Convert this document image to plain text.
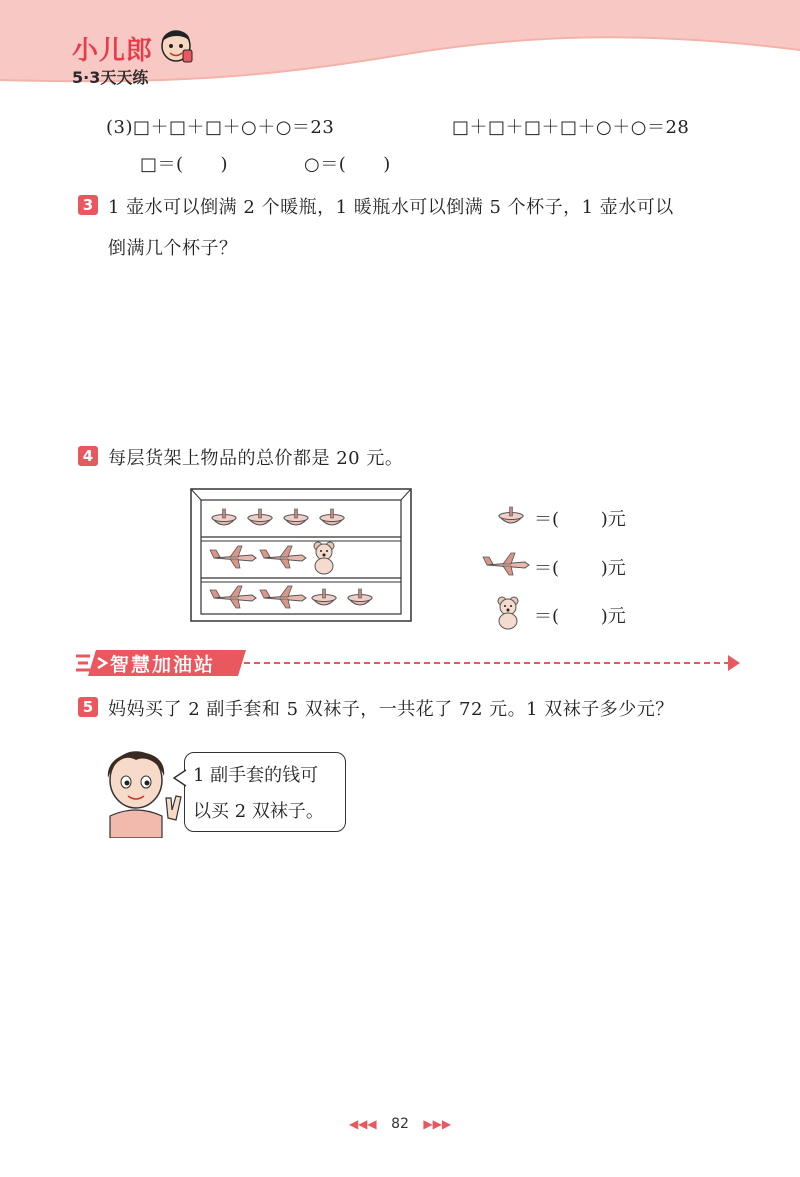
小儿郎
5·3天天练
(3)□＋□＋□＋○＋○＝23	□＋□＋□＋□＋○＋○＝28
□＝(　　)	○＝(　　)
3 1 壶水可以倒满 2 个暖瓶，1 暖瓶水可以倒满 5 个杯子，1 壶水可以
倒满几个杯子？
4 每层货架上物品的总价都是 20 元。
＝(　　 )元
＝(　　 )元
＝(　　 )元
智慧加油站
5 妈妈买了 2 副手套和 5 双袜子，一共花了 72 元。1 双袜子多少元？
1 副手套的钱可
以买 2 双袜子。
◀◀◀ 82 ▶▶▶
